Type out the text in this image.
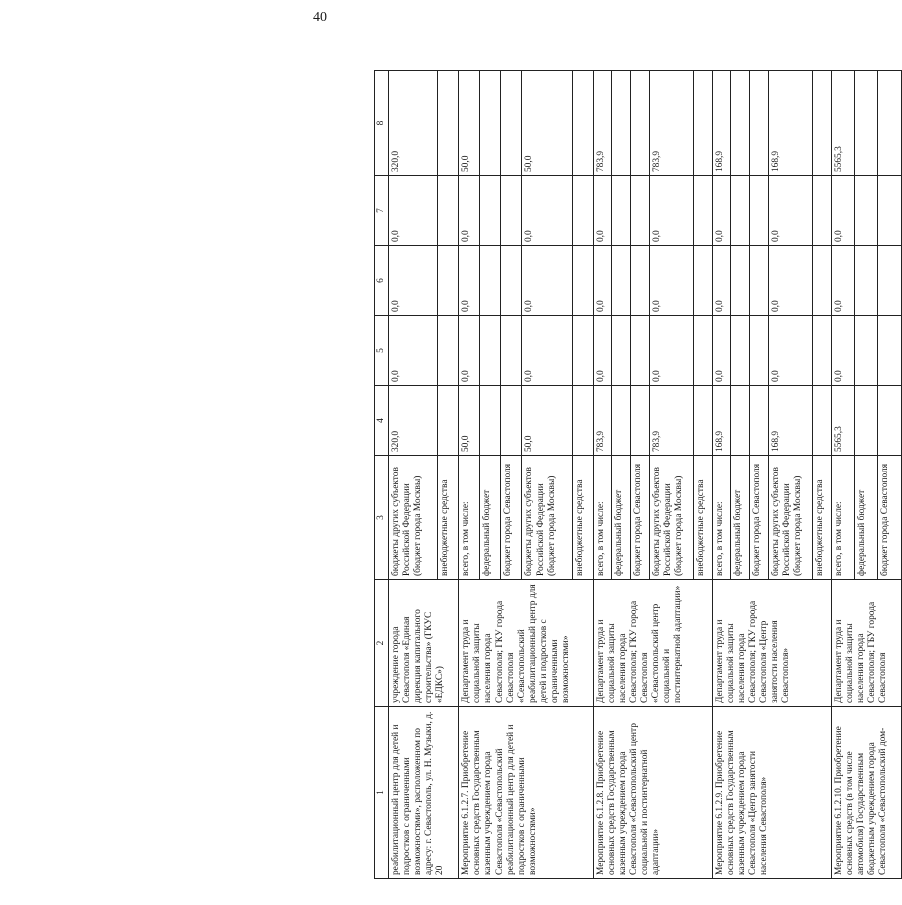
40
1	2	3	4	5	6	7	8
реабилитационный центр для детей и подростков с ограниченными возможностями», расположенном по адресу: г. Севастополь, ул. Н. Музыки, д. 20	учреждение города Севастополя «Единая дирекция капитального строительства» (ГКУС «ЕДКС»)	бюджеты других субъектов Российской Федерации (бюджет города Москвы)	320,0	0,0	0,0	0,0	320,0
		внебюджетные средства					
Мероприятие 6.1.2.7. Приобретение основных средств Государственным казенным учреждением города Севастополя «Севастопольский реабилитационный центр для детей и подростков с ограниченными возможностями»	Департамент труда и социальной защиты населения города Севастополя; ГКУ города Севастополя «Севастопольский реабилитационный центр для детей и подростков с ограниченными возможностями»	всего, в том числе:	50,0	0,0	0,0	0,0	50,0
		федеральный бюджет					
		бюджет города Севастополя					
		бюджеты других субъектов Российской Федерации (бюджет города Москвы)	50,0	0,0	0,0	0,0	50,0
		внебюджетные средства					
Мероприятие 6.1.2.8. Приобретение основных средств Государственным казенным учреждением города Севастополя «Севастопольский центр социальной и постинтернатной адаптации»	Департамент труда и социальной защиты населения города Севастополя; ГКУ города Севастополя «Севастопольский центр социальной и постинтернатной адаптации»	всего, в том числе:	783,9	0,0	0,0	0,0	783,9
		федеральный бюджет					
		бюджет города Севастополя					
		бюджеты других субъектов Российской Федерации (бюджет города Москвы)	783,9	0,0	0,0	0,0	783,9
		внебюджетные средства					
Мероприятие 6.1.2.9. Приобретение основных средств Государственным казенным учреждением города Севастополя «Центр занятости населения Севастополя»	Департамент труда и социальной защиты населения города Севастополя; ГКУ города Севастополя «Центр занятости населения Севастополя»	всего, в том числе:	168,9	0,0	0,0	0,0	168,9
		федеральный бюджет					
		бюджет города Севастополя					
		бюджеты других субъектов Российской Федерации (бюджет города Москвы)	168,9	0,0	0,0	0,0	168,9
		внебюджетные средства					
Мероприятие 6.1.2.10. Приобретение основных средств (в том числе автомобиля) Государственным бюджетным учреждением города Севастополя «Севастопольский дом-	Департамент труда и социальной защиты населения города Севастополя; ГБУ города Севастополя	всего, в том числе:	5565,3	0,0	0,0	0,0	5565,3
		федеральный бюджет					
		бюджет города Севастополя					
